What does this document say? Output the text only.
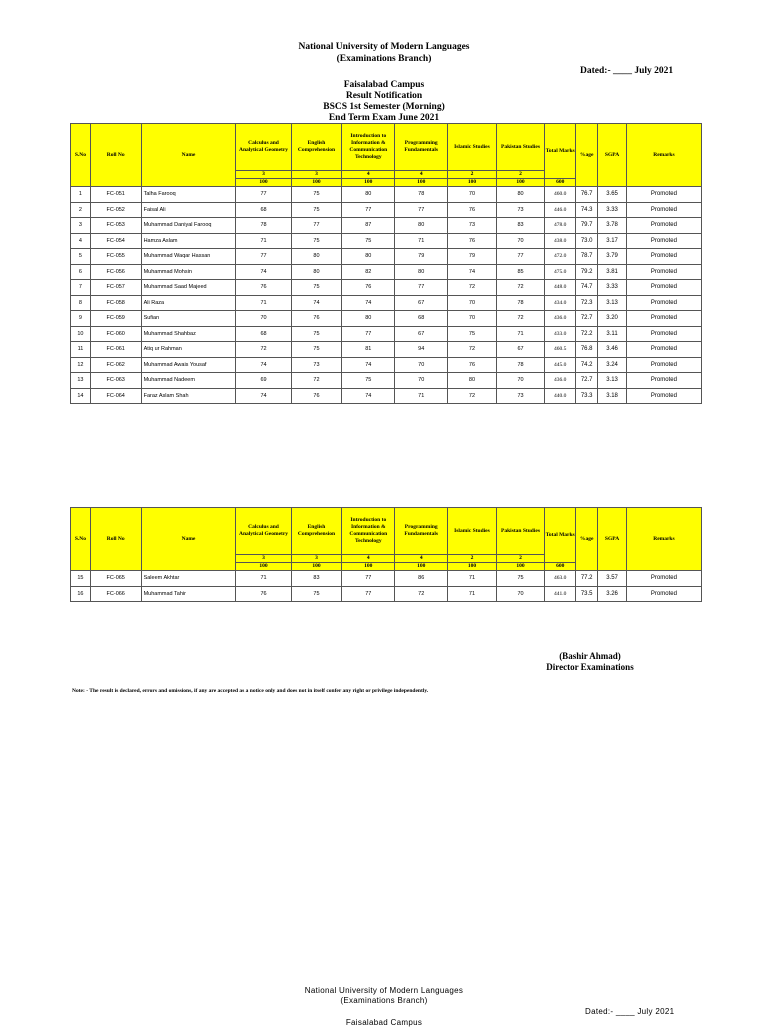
National University of Modern Languages
(Examinations Branch)
Dated:- ____ July 2021
Faisalabad Campus
Result Notification
BSCS 1st Semester (Morning)
End Term Exam June 2021
S.No	Roll No	Name	Calculus and Analytical Geometry	English Comprehension	Introduction to Information & Communication Technology	Programming Fundamentals	Islamic Studies	Pakistan Studies	Total Marks	%age	SGPA	Remarks
			3	3	4	4	2	2				
			100	100	100	100	100	100	600			
1	FC-051	Talha Farooq	77	75	80	78	70	80	460.0	76.7	3.65	Promoted
2	FC-052	Faisal Ali	68	75	77	77	76	73	446.0	74.3	3.33	Promoted
3	FC-053	Muhammad Daniyal Farooq	78	77	87	80	73	83	478.0	79.7	3.78	Promoted
4	FC-054	Hamza Aslam	71	75	75	71	76	70	438.0	73.0	3.17	Promoted
5	FC-055	Muhammad Waqar Hassan	77	80	80	79	79	77	472.0	78.7	3.79	Promoted
6	FC-056	Muhammad Mohsin	74	80	82	80	74	85	475.0	79.2	3.81	Promoted
7	FC-057	Muhammad Saad Majeed	76	75	76	77	72	72	448.0	74.7	3.33	Promoted
8	FC-058	Ali Raza	71	74	74	67	70	78	434.0	72.3	3.13	Promoted
9	FC-059	Sufian	70	76	80	68	70	72	436.0	72.7	3.20	Promoted
10	FC-060	Muhammad Shahbaz	68	75	77	67	75	71	433.0	72.2	3.11	Promoted
11	FC-061	Atiq ur Rahman	72	75	81	94	72	67	460.5	76.8	3.46	Promoted
12	FC-062	Muhammad Awais Yousaf	74	73	74	70	76	78	445.0	74.2	3.24	Promoted
13	FC-063	Muhammad Nadeem	69	72	75	70	80	70	436.0	72.7	3.13	Promoted
14	FC-064	Faraz Aslam Shah	74	76	74	71	72	73	440.0	73.3	3.18	Promoted
S.No	Roll No	Name	Calculus and Analytical Geometry	English Comprehension	Introduction to Information & Communication Technology	Programming Fundamentals	Islamic Studies	Pakistan Studies	Total Marks	%age	SGPA	Remarks
			3	3	4	4	2	2				
			100	100	100	100	100	100	600			
15	FC-065	Saleem Akhtar	71	83	77	86	71	75	463.0	77.2	3.57	Promoted
16	FC-066	Muhammad Tahir	76	75	77	72	71	70	441.0	73.5	3.26	Promoted
(Bashir Ahmad)
Director Examinations
Note: - The result is declared, errors and omissions, if any are accepted as a notice only and does not in itself confer any right or privilege independently.
National University of Modern Languages
(Examinations Branch)
Dated:- ____ July 2021
Faisalabad Campus
